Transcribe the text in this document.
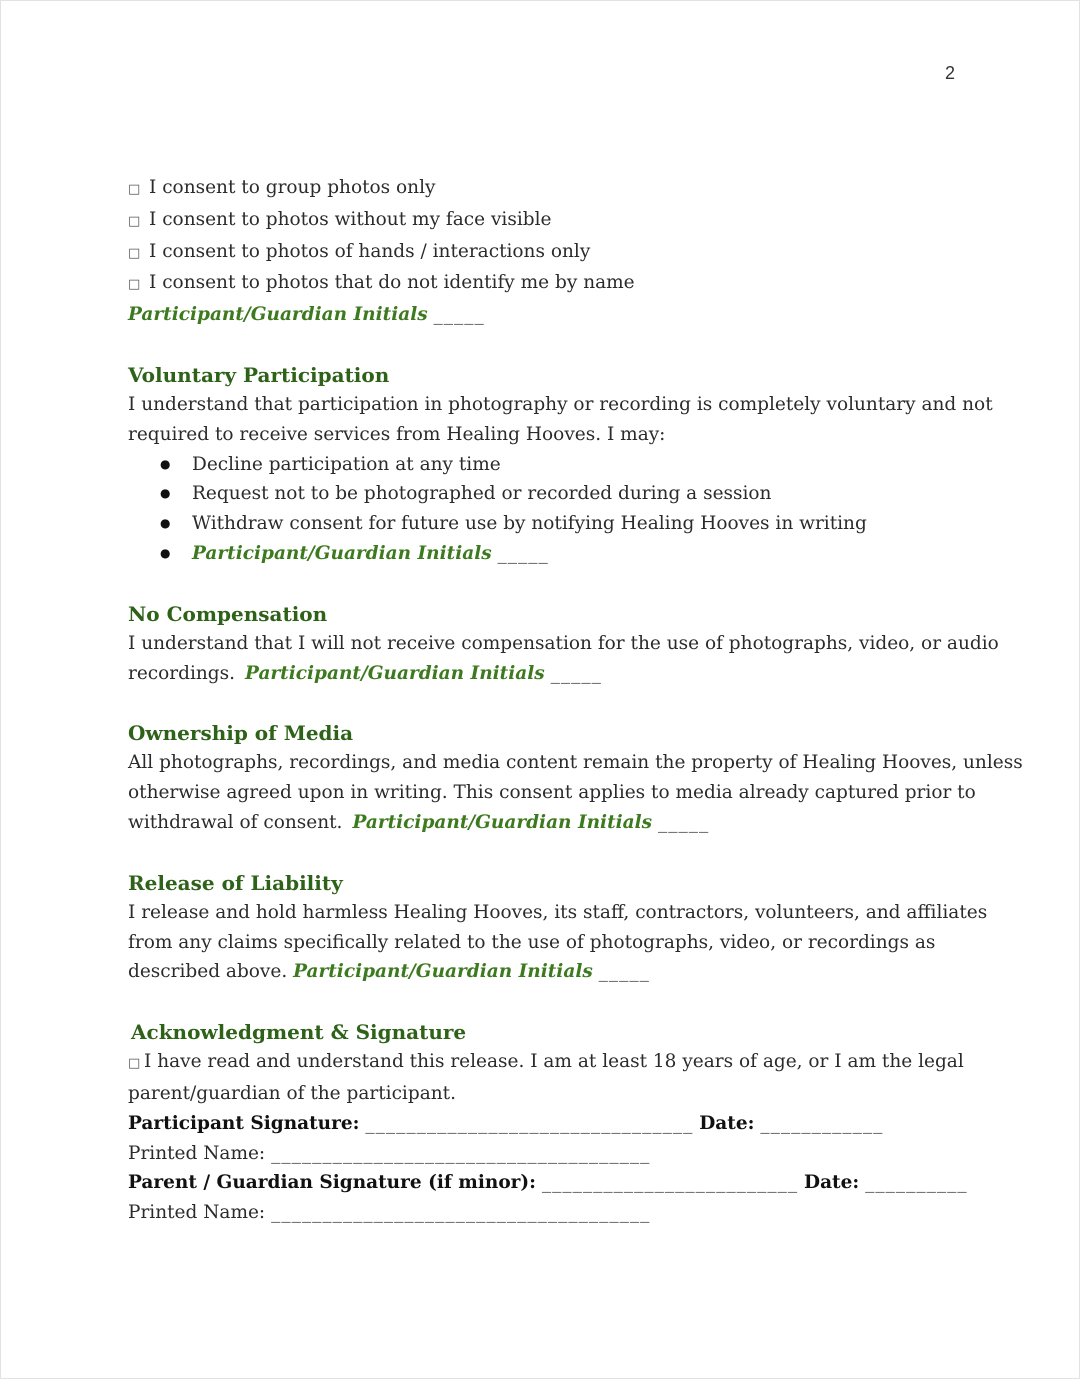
2
□ I consent to group photos only
□ I consent to photos without my face visible
□ I consent to photos of hands / interactions only
□ I consent to photos that do not identify me by name
Participant/Guardian Initials _____
Voluntary Participation

I understand that participation in photography or recording is completely voluntary and not

required to receive services from Healing Hooves. I may:

● Decline participation at any time
● Request not to be photographed or recorded during a session
● Withdraw consent for future use by notifying Healing Hooves in writing
● Participant/Guardian Initials _____
No Compensation

I understand that I will not receive compensation for the use of photographs, video, or audio

recordings. Participant/Guardian Initials _____

Ownership of Media

All photographs, recordings, and media content remain the property of Healing Hooves, unless

otherwise agreed upon in writing. This consent applies to media already captured prior to

withdrawal of consent. Participant/Guardian Initials _____

Release of Liability

I release and hold harmless Healing Hooves, its staff, contractors, volunteers, and affiliates

from any claims specifically related to the use of photographs, video, or recordings as

described above. Participant/Guardian Initials _____

Acknowledgment & Signature

□ I have read and understand this release. I am at least 18 years of age, or I am the legal

parent/guardian of the participant.

Participant Signature: ________________________________ Date: ____________
Printed Name: _____________________________________
Parent / Guardian Signature (if minor): _________________________ Date: __________
Printed Name: _____________________________________
